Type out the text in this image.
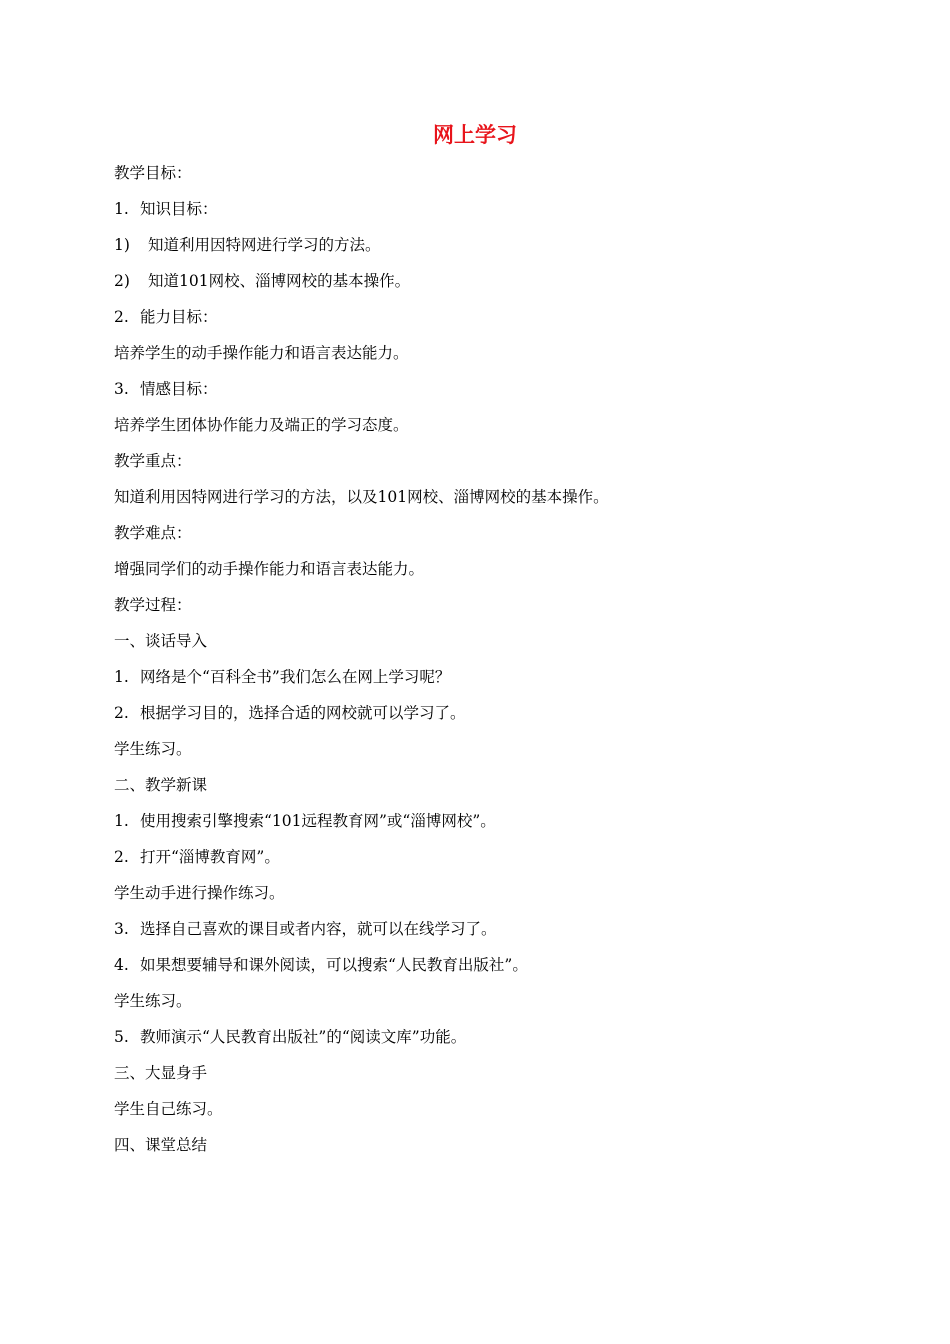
网上学习
教学目标：
1. 知识目标：
1) 知道利用因特网进行学习的方法。
2) 知道101网校、淄博网校的基本操作。
2. 能力目标：
培养学生的动手操作能力和语言表达能力。
3. 情感目标：
培养学生团体协作能力及端正的学习态度。
教学重点：
知道利用因特网进行学习的方法，以及101网校、淄博网校的基本操作。
教学难点：
增强同学们的动手操作能力和语言表达能力。
教学过程：
一、谈话导入
1. 网络是个“百科全书”我们怎么在网上学习呢？
2. 根据学习目的，选择合适的网校就可以学习了。
学生练习。
二、教学新课
1. 使用搜索引擎搜索“101远程教育网”或“淄博网校”。
2. 打开“淄博教育网”。
学生动手进行操作练习。
3. 选择自己喜欢的课目或者内容，就可以在线学习了。
4. 如果想要辅导和课外阅读，可以搜索“人民教育出版社”。
学生练习。
5. 教师演示“人民教育出版社”的“阅读文库”功能。
三、大显身手
学生自己练习。
四、课堂总结
